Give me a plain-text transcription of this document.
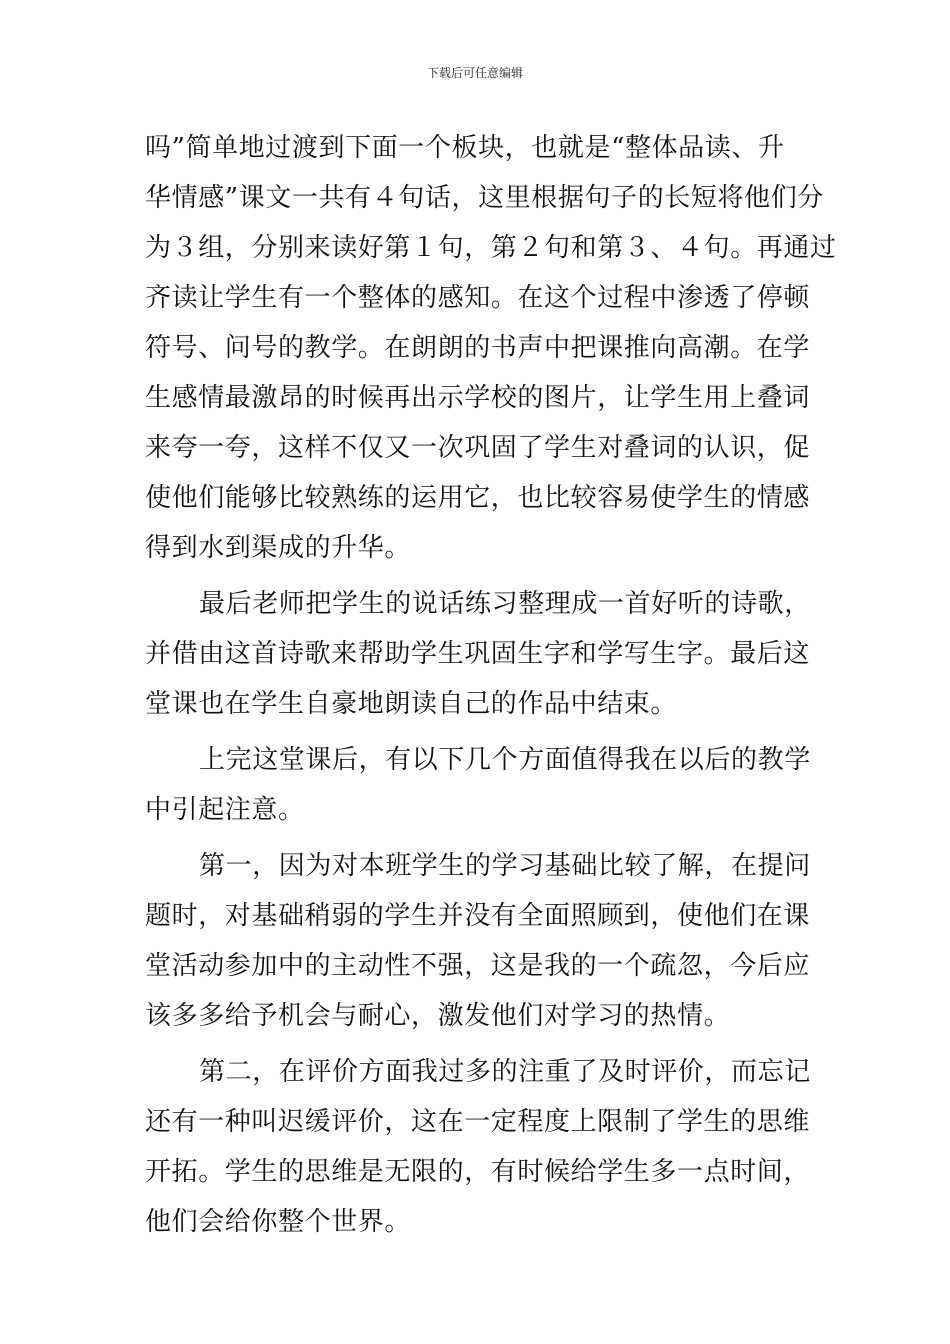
下载后可任意编辑
吗”简单地过渡到下面一个板块，也就是“整体品读、升
华情感”课文一共有４句话，这里根据句子的长短将他们分
为３组，分别来读好第１句，第２句和第３、４句。再通过
齐读让学生有一个整体的感知。在这个过程中渗透了停顿
符号、问号的教学。在朗朗的书声中把课推向高潮。在学
生感情最激昂的时候再出示学校的图片，让学生用上叠词
来夸一夸，这样不仅又一次巩固了学生对叠词的认识，促
使他们能够比较熟练的运用它，也比较容易使学生的情感
得到水到渠成的升华。
最后老师把学生的说话练习整理成一首好听的诗歌，
并借由这首诗歌来帮助学生巩固生字和学写生字。最后这
堂课也在学生自豪地朗读自己的作品中结束。
上完这堂课后，有以下几个方面值得我在以后的教学
中引起注意。
第一，因为对本班学生的学习基础比较了解，在提问
题时，对基础稍弱的学生并没有全面照顾到，使他们在课
堂活动参加中的主动性不强，这是我的一个疏忽，今后应
该多多给予机会与耐心，激发他们对学习的热情。
第二，在评价方面我过多的注重了及时评价，而忘记
还有一种叫迟缓评价，这在一定程度上限制了学生的思维
开拓。学生的思维是无限的，有时候给学生多一点时间，
他们会给你整个世界。
